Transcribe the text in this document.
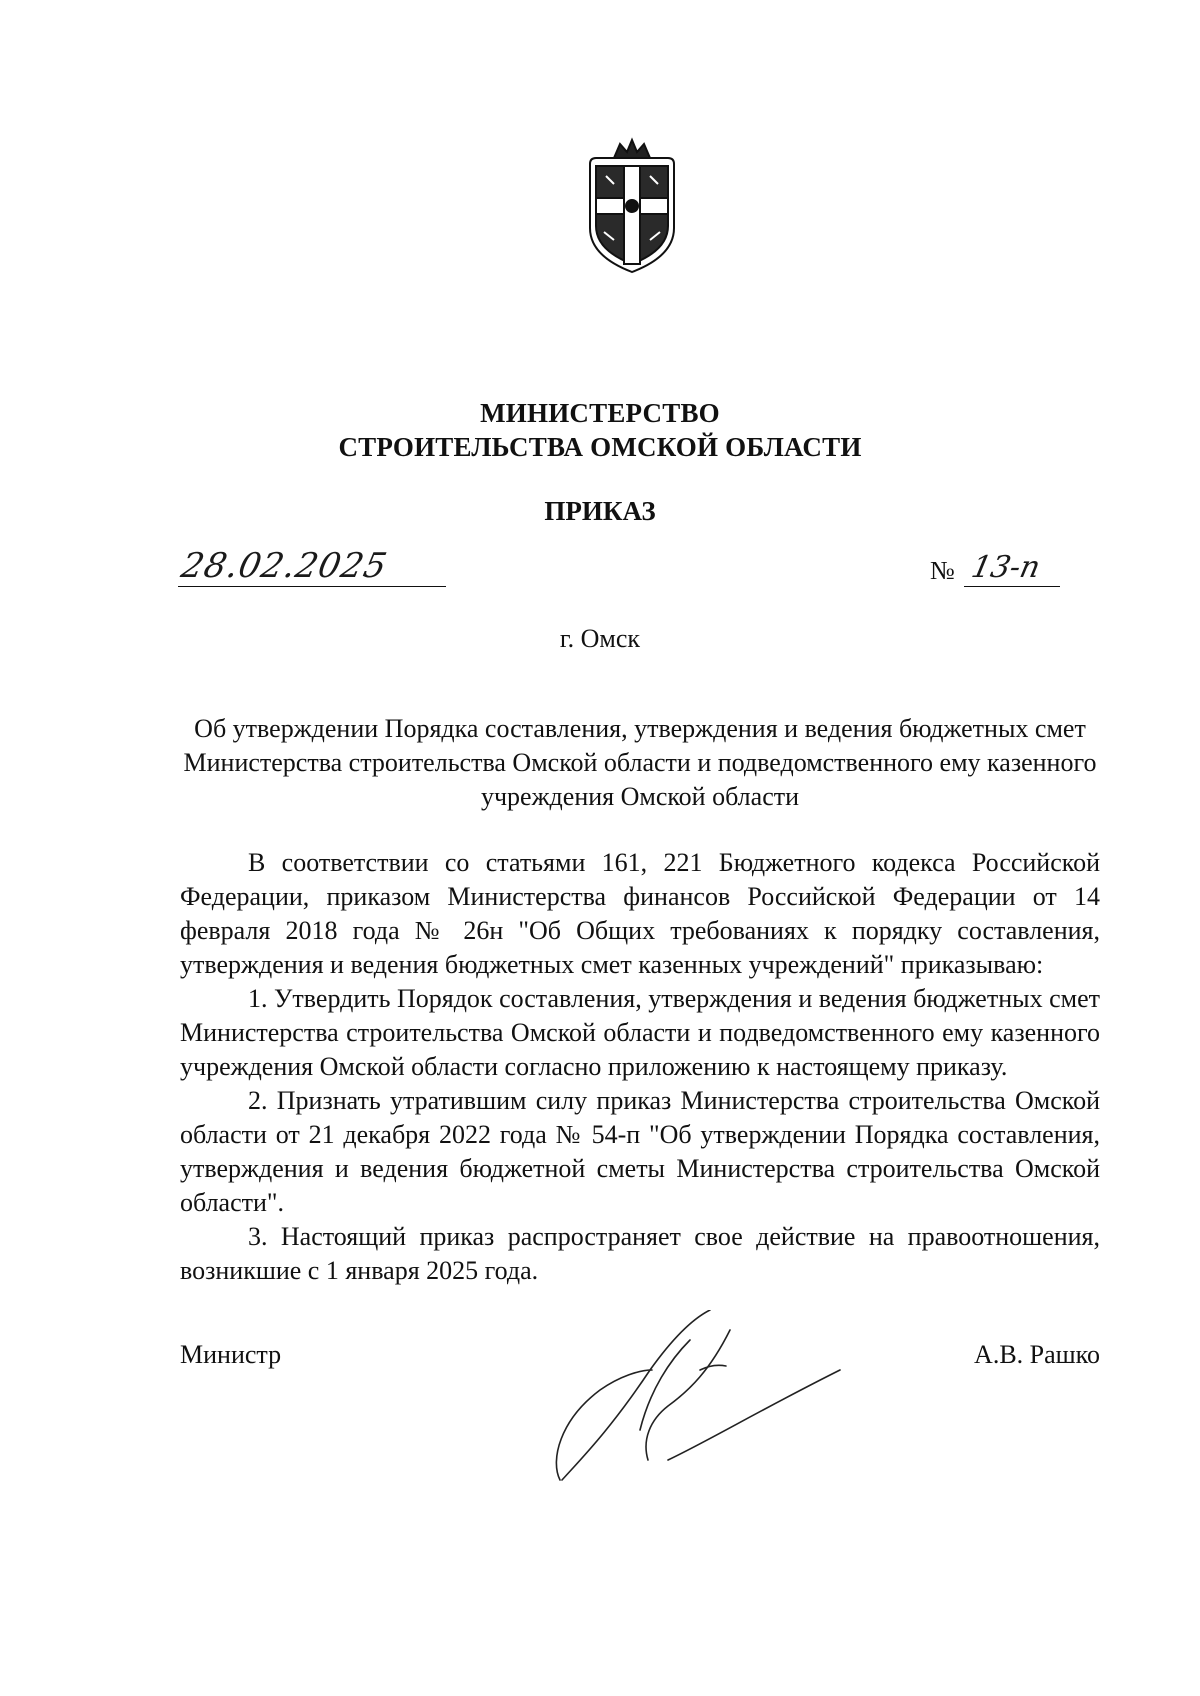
МИНИСТЕРСТВО
СТРОИТЕЛЬСТВА ОМСКОЙ ОБЛАСТИ
ПРИКАЗ
28.02.2025	№ 13-п
г. Омск

Об утверждении Порядка составления, утверждения и ведения бюджетных смет Министерства строительства Омской области и подведомственного ему казенного учреждения Омской области

В соответствии со статьями 161, 221 Бюджетного кодекса Российской Федерации, приказом Министерства финансов Российской Федерации от 14 февраля 2018 года № 26н "Об Общих требованиях к порядку составления, утверждения и ведения бюджетных смет казенных учреждений" приказываю:

1. Утвердить Порядок составления, утверждения и ведения бюджетных смет Министерства строительства Омской области и подведомственного ему казенного учреждения Омской области согласно приложению к настоящему приказу.

2. Признать утратившим силу приказ Министерства строительства Омской области от 21 декабря 2022 года № 54-п "Об утверждении Порядка составления, утверждения и ведения бюджетной сметы Министерства строительства Омской области".

3. Настоящий приказ распространяет свое действие на правоотношения, возникшие с 1 января 2025 года.

Министр	А.В. Рашко
